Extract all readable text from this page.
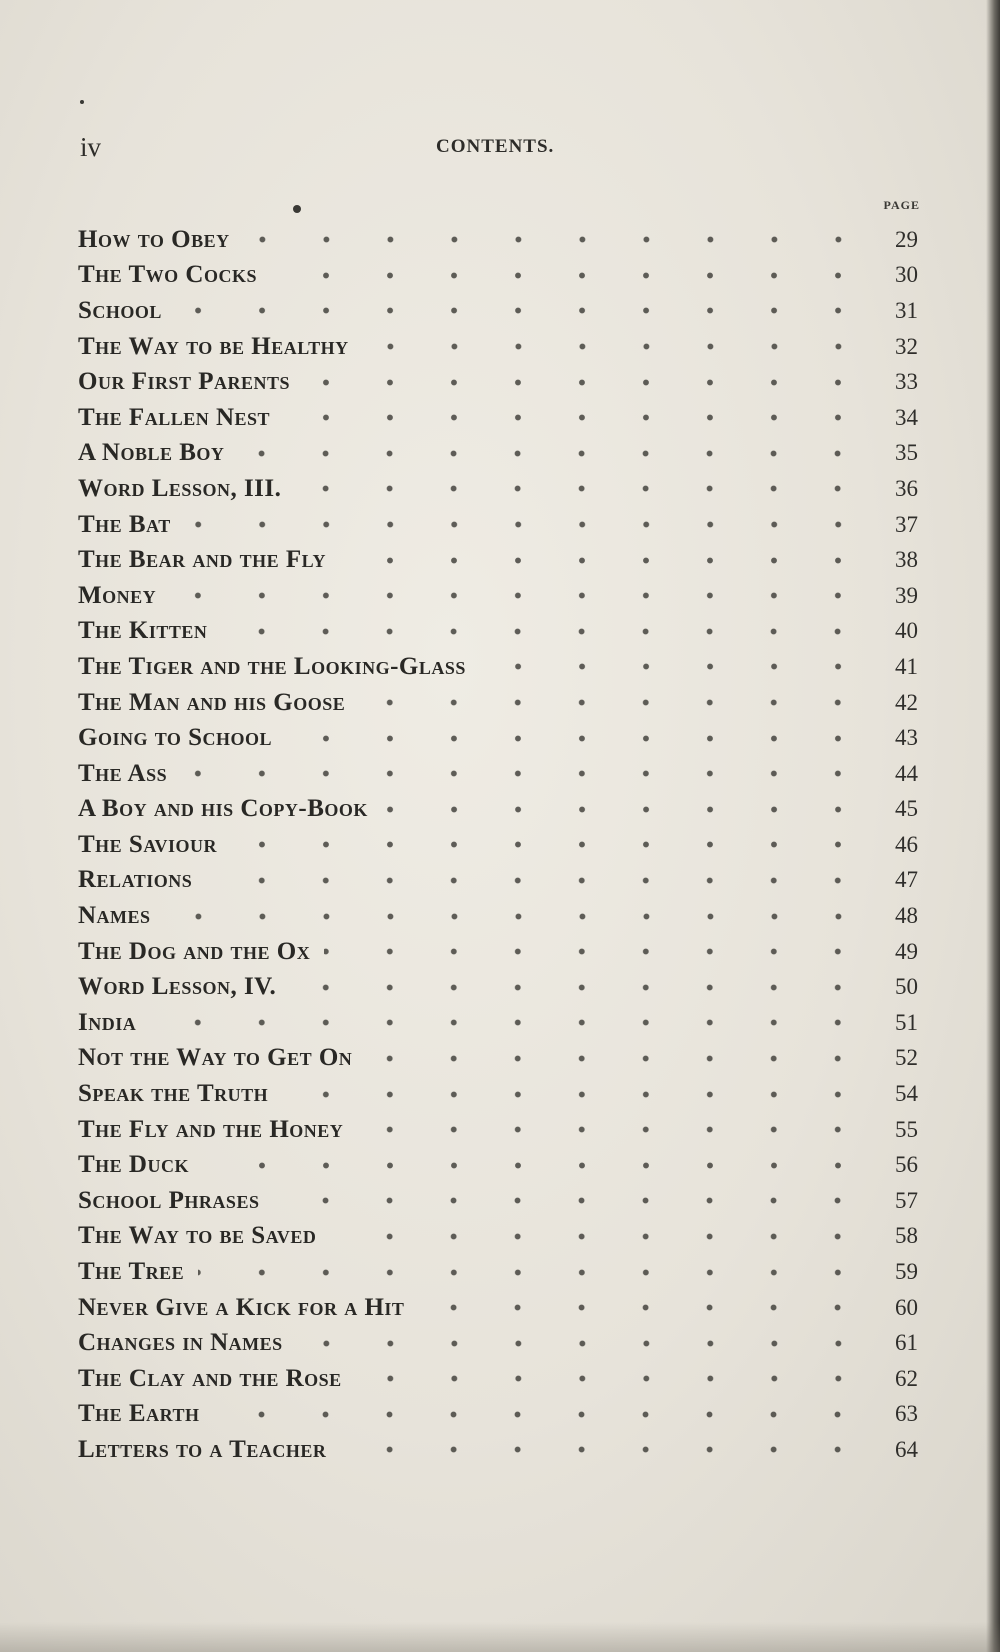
iv	CONTENTS.
PAGE
How to Obey	29
The Two Cocks	30
School	31
The Way to be Healthy	32
Our First Parents	33
The Fallen Nest	34
A Noble Boy	35
Word Lesson, III.	36
The Bat	37
The Bear and the Fly	38
Money	39
The Kitten	40
The Tiger and the Looking-Glass	41
The Man and his Goose	42
Going to School	43
The Ass	44
A Boy and his Copy-Book	45
The Saviour	46
Relations	47
Names	48
The Dog and the Ox	49
Word Lesson, IV.	50
India	51
Not the Way to Get On	52
Speak the Truth	54
The Fly and the Honey	55
The Duck	56
School Phrases	57
The Way to be Saved	58
The Tree	59
Never Give a Kick for a Hit	60
Changes in Names	61
The Clay and the Rose	62
The Earth	63
Letters to a Teacher	64
